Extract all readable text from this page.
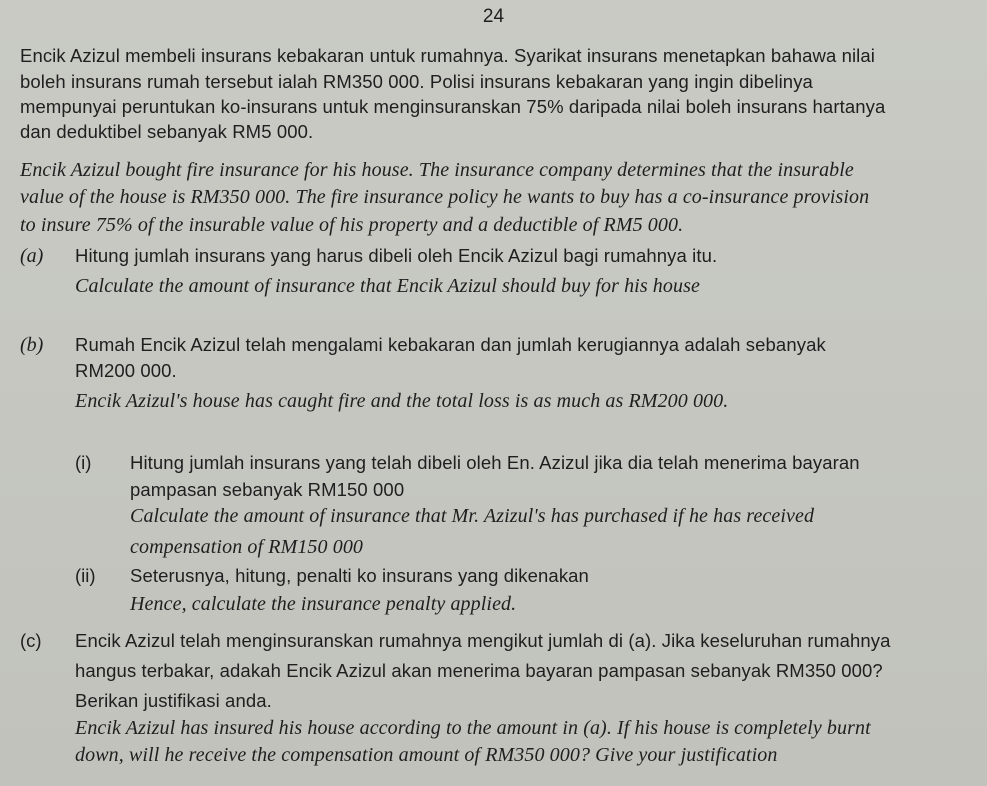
24
Encik Azizul membeli insurans kebakaran untuk rumahnya. Syarikat insurans menetapkan bahawa nilai
boleh insurans rumah tersebut ialah RM350 000. Polisi insurans kebakaran yang ingin dibelinya
mempunyai peruntukan ko-insurans untuk menginsuranskan 75% daripada nilai boleh insurans hartanya
dan deduktibel sebanyak RM5 000.
Encik Azizul bought fire insurance for his house. The insurance company determines that the insurable
value of the house is RM350 000. The fire insurance policy he wants to buy has a co-insurance provision
to insure 75% of the insurable value of his property and a deductible of RM5 000.
(a) Hitung jumlah insurans yang harus dibeli oleh Encik Azizul bagi rumahnya itu.
Calculate the amount of insurance that Encik Azizul should buy for his house
(b) Rumah Encik Azizul telah mengalami kebakaran dan jumlah kerugiannya adalah sebanyak
RM200 000.
Encik Azizul's house has caught fire and the total loss is as much as RM200 000.
(i) Hitung jumlah insurans yang telah dibeli oleh En. Azizul jika dia telah menerima bayaran
pampasan sebanyak RM150 000
Calculate the amount of insurance that Mr. Azizul's has purchased if he has received
compensation of RM150 000
(ii) Seterusnya, hitung, penalti ko insurans yang dikenakan
Hence, calculate the insurance penalty applied.
(c) Encik Azizul telah menginsuranskan rumahnya mengikut jumlah di (a). Jika keseluruhan rumahnya
hangus terbakar, adakah Encik Azizul akan menerima bayaran pampasan sebanyak RM350 000?
Berikan justifikasi anda.
Encik Azizul has insured his house according to the amount in (a). If his house is completely burnt
down, will he receive the compensation amount of RM350 000? Give your justification
